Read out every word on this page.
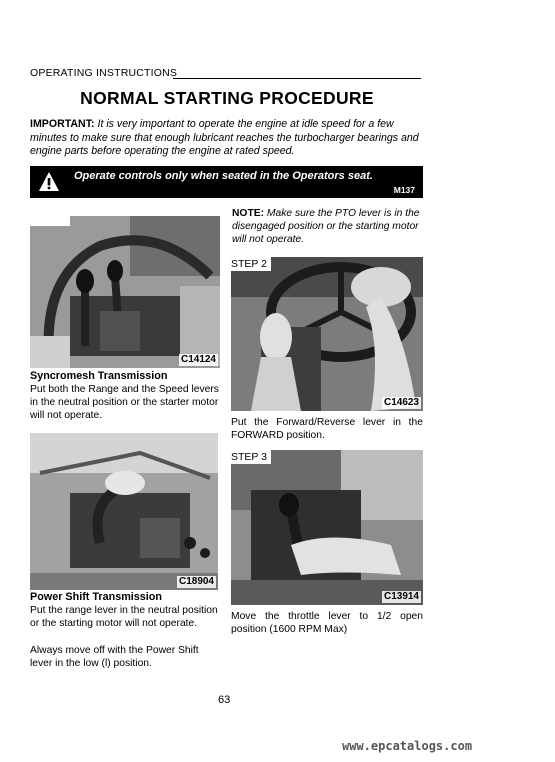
OPERATING INSTRUCTIONS
NORMAL STARTING PROCEDURE
IMPORTANT: It is very important to operate the engine at idle speed for a few minutes to make sure that enough lubricant reaches the turbocharger bearings and engine parts before operating the engine at rated speed.
Operate controls only when seated in the Operators seat.
M137
C14124
Syncromesh Transmission
Put both the Range and the Speed levers in the neutral position or the starter motor will not operate.
NOTE: Make sure the PTO lever is in the disengaged position or the starting motor will not operate.
STEP 2
C14623
Put the Forward/Reverse lever in the FORWARD position.
C18904
Power Shift Transmission
Put the range lever in the neutral position or the starting motor will not operate.
Always move off with the Power Shift lever in the low (l) position.
STEP 3
C13914
Move the throttle lever to 1/2 open position (1600 RPM Max)
63
www.epcatalogs.com
